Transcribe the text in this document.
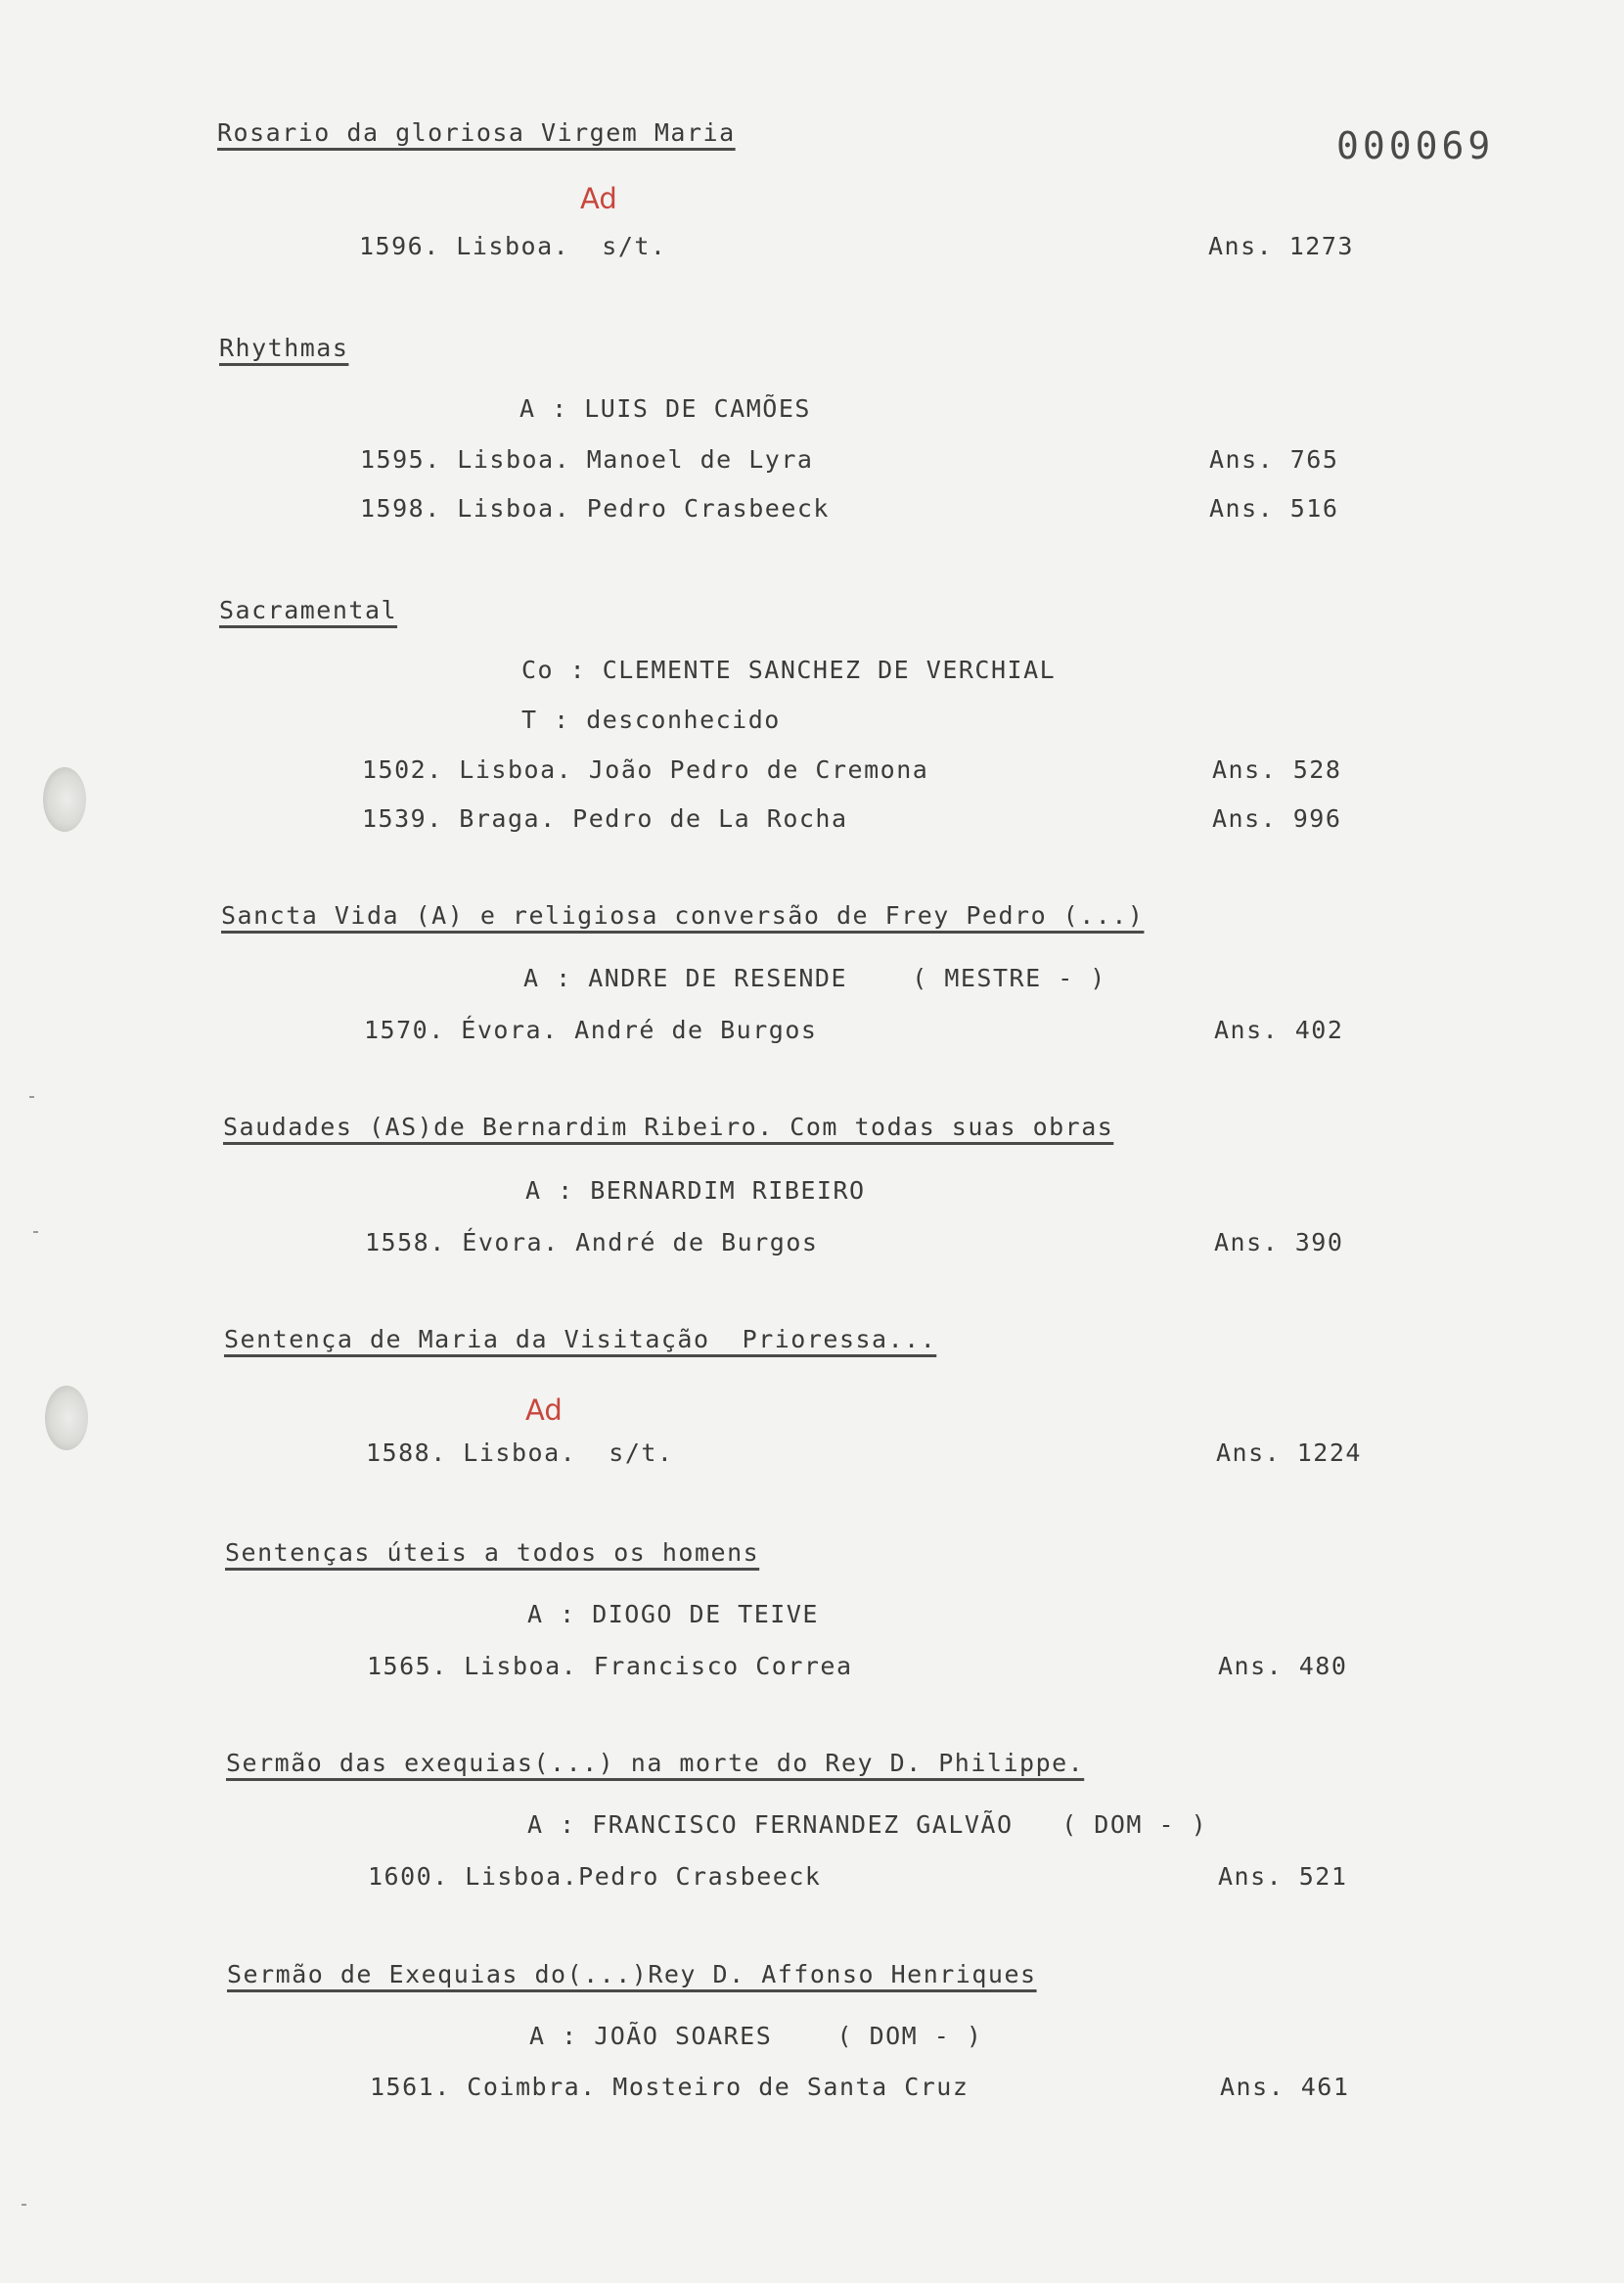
000069
Rosario da gloriosa Virgem Maria
Ad
1596. Lisboa.  s/t.	Ans. 1273
Rhythmas
A : LUIS DE CAMÕES
1595. Lisboa. Manoel de Lyra	Ans. 765
1598. Lisboa. Pedro Crasbeeck	Ans. 516
Sacramental
Co : CLEMENTE SANCHEZ DE VERCHIAL
T : desconhecido
1502. Lisboa. João Pedro de Cremona	Ans. 528
1539. Braga. Pedro de La Rocha	Ans. 996
Sancta Vida (A) e religiosa conversão de Frey Pedro (...)
A : ANDRE DE RESENDE    ( MESTRE - )
1570. Évora. André de Burgos	Ans. 402
Saudades (AS)de Bernardim Ribeiro. Com todas suas obras
A : BERNARDIM RIBEIRO
1558. Évora. André de Burgos	Ans. 390
Sentença de Maria da Visitação  Prioressa...
Ad
1588. Lisboa.  s/t.	Ans. 1224
Sentenças úteis a todos os homens
A : DIOGO DE TEIVE
1565. Lisboa. Francisco Correa	Ans. 480
Sermão das exequias(...) na morte do Rey D. Philippe.
A : FRANCISCO FERNANDEZ GALVÃO   ( DOM - )
1600. Lisboa.Pedro Crasbeeck	Ans. 521
Sermão de Exequias do(...)Rey D. Affonso Henriques
A : JOÃO SOARES    ( DOM - )
1561. Coimbra. Mosteiro de Santa Cruz	Ans. 461
